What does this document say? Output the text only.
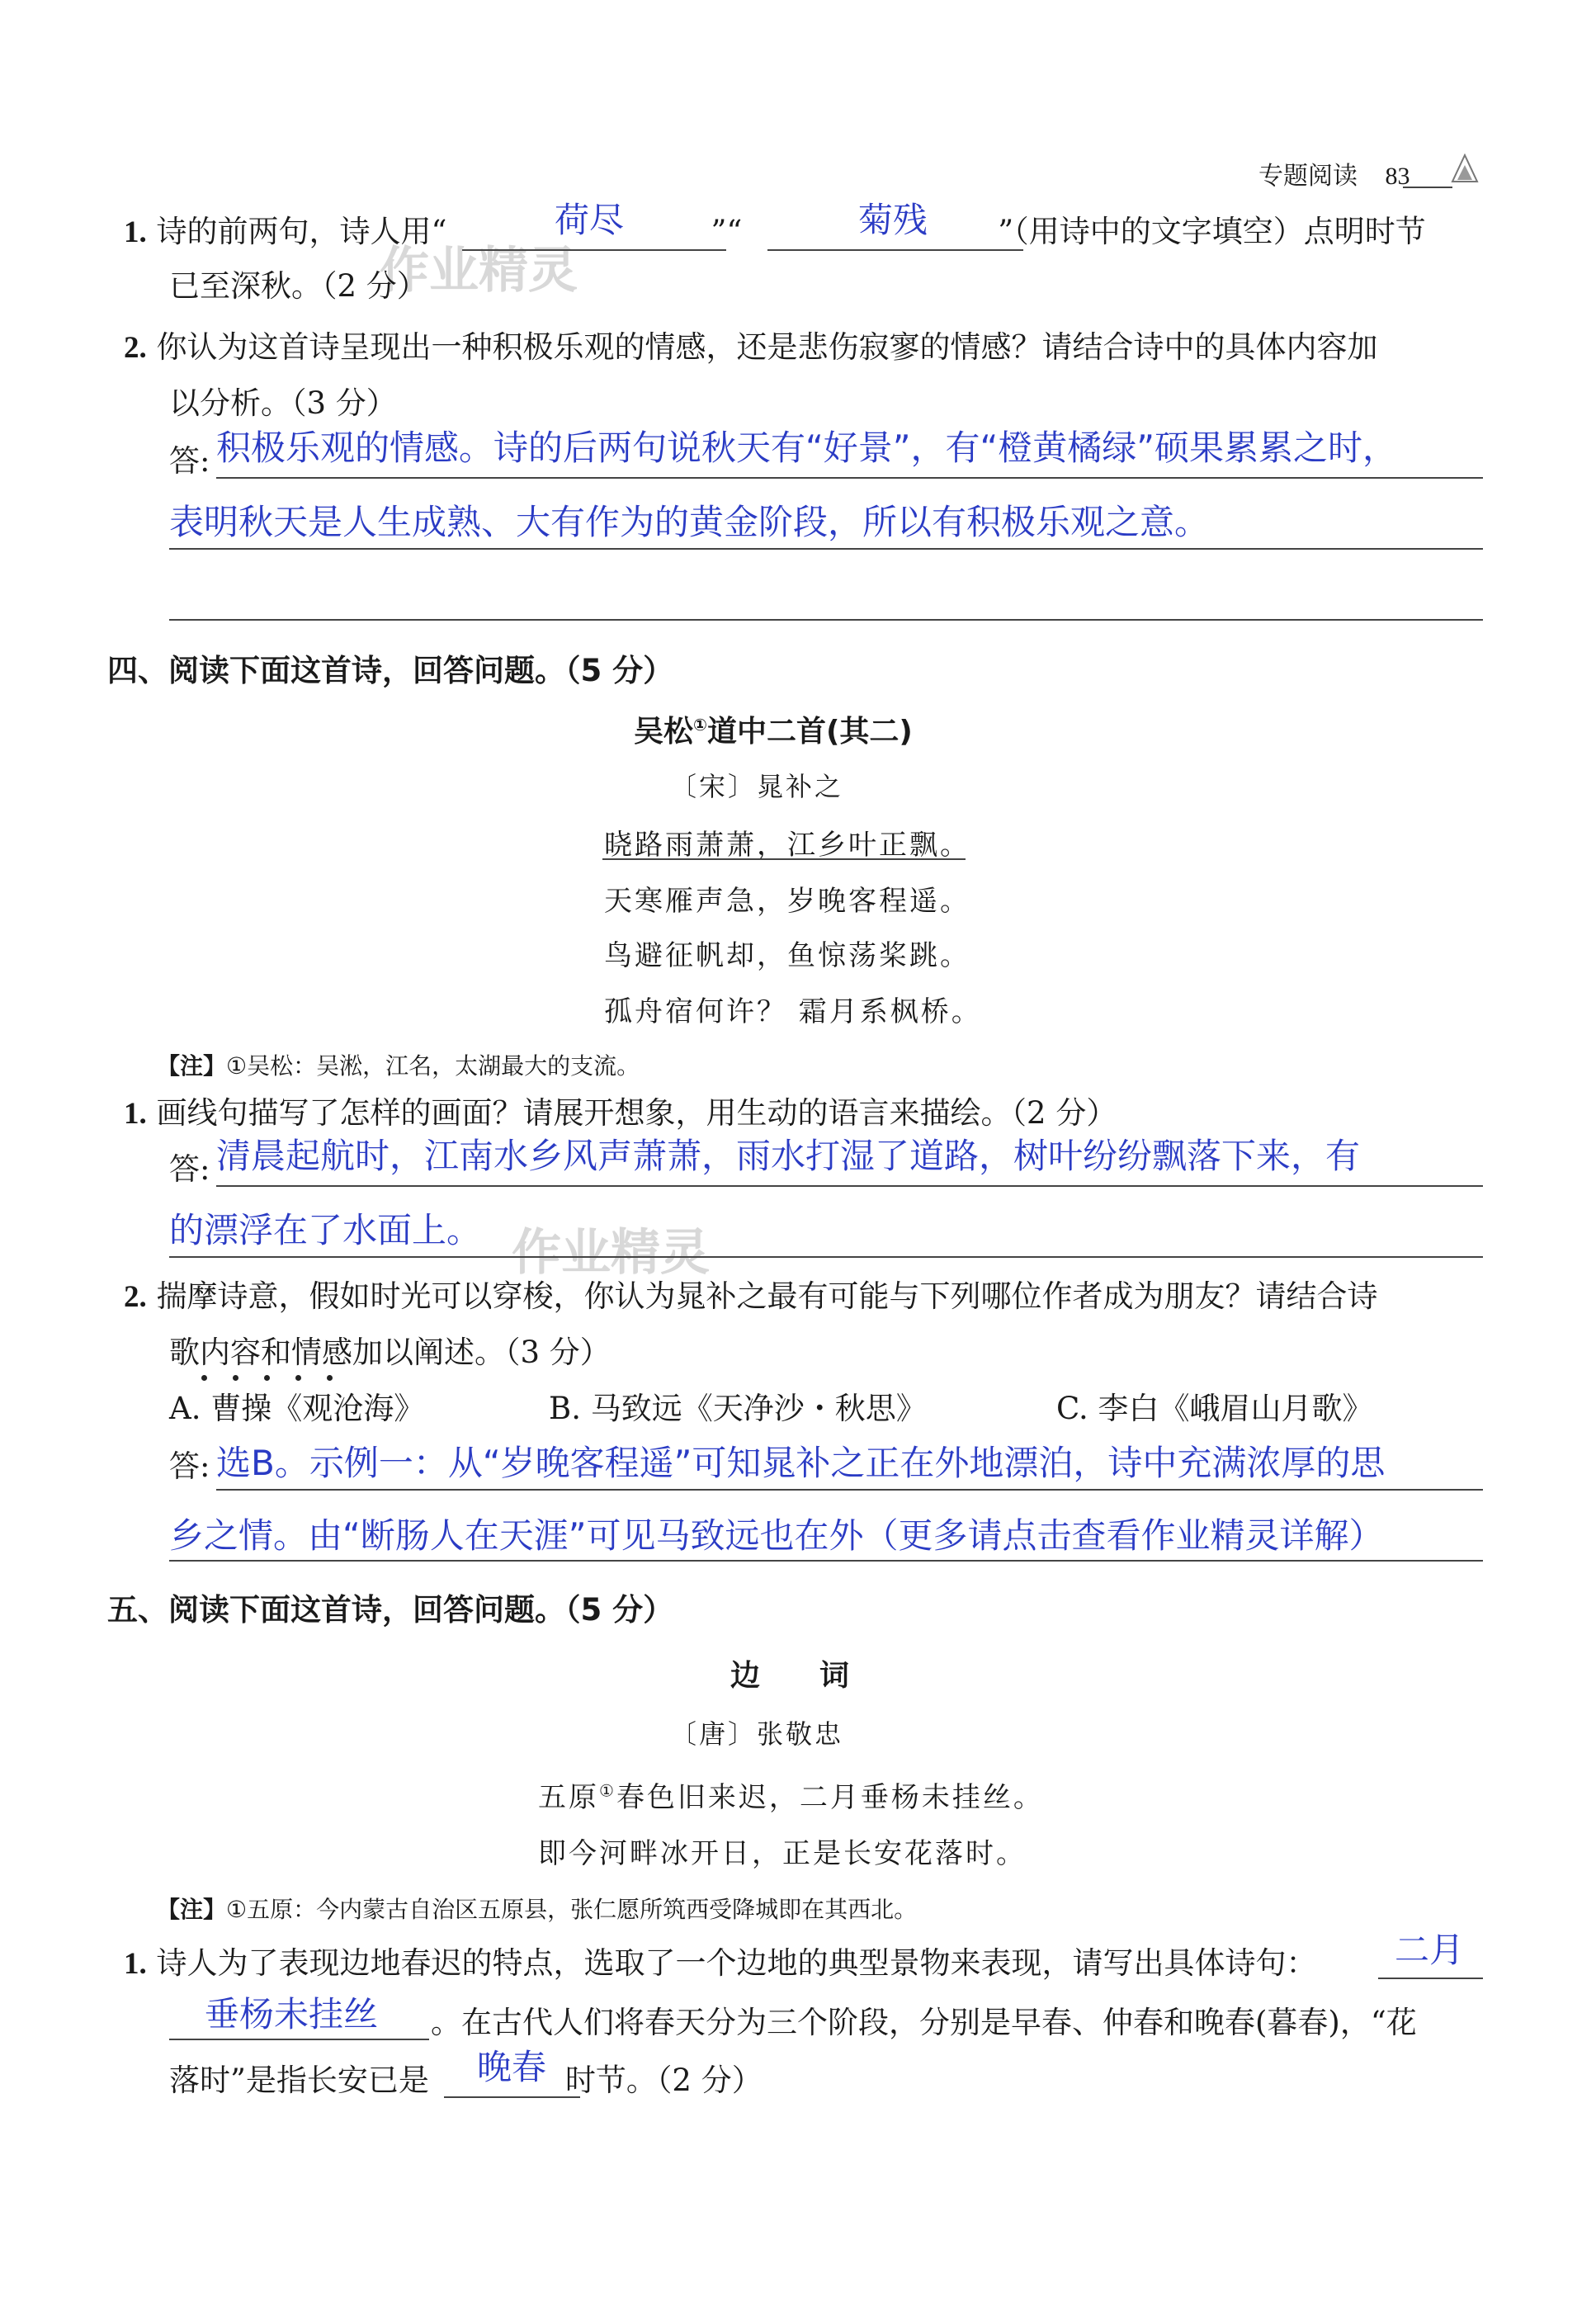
专题阅读 83
作业精灵
作业精灵
1. 诗的前两句，诗人用“	”“	”（用诗中的文字填空）点明时节
荷尽	菊残
已至深秋。（2 分）
2. 你认为这首诗呈现出一种积极乐观的情感，还是悲伤寂寥的情感？请结合诗中的具体内容加
以分析。（3 分）
答: 积极乐观的情感。诗的后两句说秋天有“好景”，有“橙黄橘绿”硕果累累之时，
表明秋天是人生成熟、大有作为的黄金阶段，所以有积极乐观之意。
四、阅读下面这首诗，回答问题。（5 分）
吴松①道中二首(其二)
〔宋〕晁补之
晓路雨萧萧，江乡叶正飘。
天寒雁声急，岁晚客程遥。
鸟避征帆却，鱼惊荡桨跳。
孤舟宿何许？ 霜月系枫桥。
【注】①吴松：吴淞，江名，太湖最大的支流。
1. 画线句描写了怎样的画面？请展开想象，用生动的语言来描绘。（2 分）
答: 清晨起航时，江南水乡风声萧萧，雨水打湿了道路，树叶纷纷飘落下来，有
的漂浮在了水面上。
2. 揣摩诗意，假如时光可以穿梭，你认为晁补之最有可能与下列哪位作者成为朋友？请结合诗
歌内容和情感加以阐述。（3 分）
A. 曹操《观沧海》	B. 马致远《天净沙・秋思》	C. 李白《峨眉山月歌》
答: 选B。示例一：从“岁晚客程遥”可知晁补之正在外地漂泊，诗中充满浓厚的思
乡之情。由“断肠人在天涯”可见马致远也在外（更多请点击查看作业精灵详解）
五、阅读下面这首诗，回答问题。（5 分）
边　　词
〔唐〕张敬忠
五原①春色旧来迟，二月垂杨未挂丝。
即今河畔冰开日，正是长安花落时。
【注】①五原：今内蒙古自治区五原县，张仁愿所筑西受降城即在其西北。
1. 诗人为了表现边地春迟的特点，选取了一个边地的典型景物来表现，请写出具体诗句： 二月
垂杨未挂丝 。在古代人们将春天分为三个阶段，分别是早春、仲春和晚春(暮春)，“花
落时”是指长安已是	时节。（2 分）
晚春
